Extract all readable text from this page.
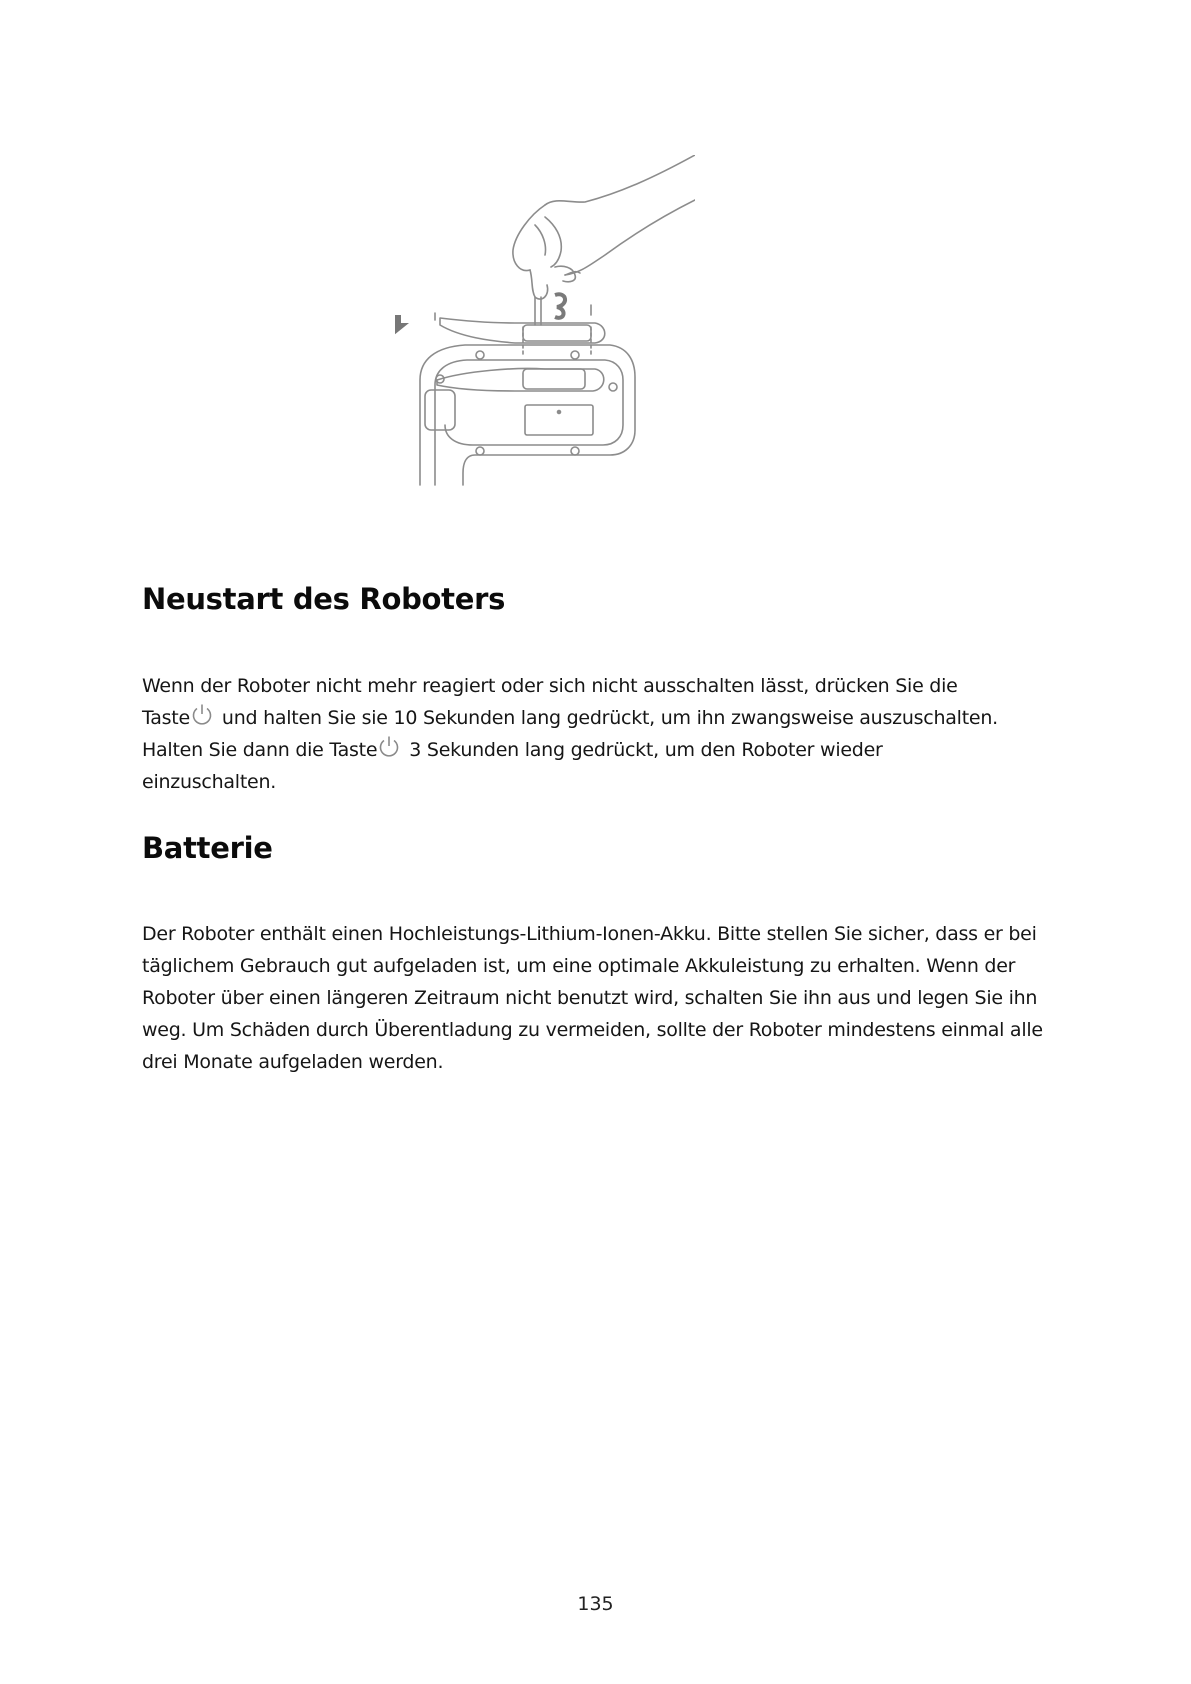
Neustart des Roboters
Wenn der Roboter nicht mehr reagiert oder sich nicht ausschalten lässt, drücken Sie die
Taste und halten Sie sie 10 Sekunden lang gedrückt, um ihn zwangsweise auszuschalten.
Halten Sie dann die Taste 3 Sekunden lang gedrückt, um den Roboter wieder
einzuschalten.
Batterie

Der Roboter enthält einen Hochleistungs-Lithium-Ionen-Akku. Bitte stellen Sie sicher, dass er bei täglichem Gebrauch gut aufgeladen ist, um eine optimale Akkuleistung zu erhalten. Wenn der Roboter über einen längeren Zeitraum nicht benutzt wird, schalten Sie ihn aus und legen Sie ihn weg. Um Schäden durch Überentladung zu vermeiden, sollte der Roboter mindestens einmal alle drei Monate aufgeladen werden.

135
